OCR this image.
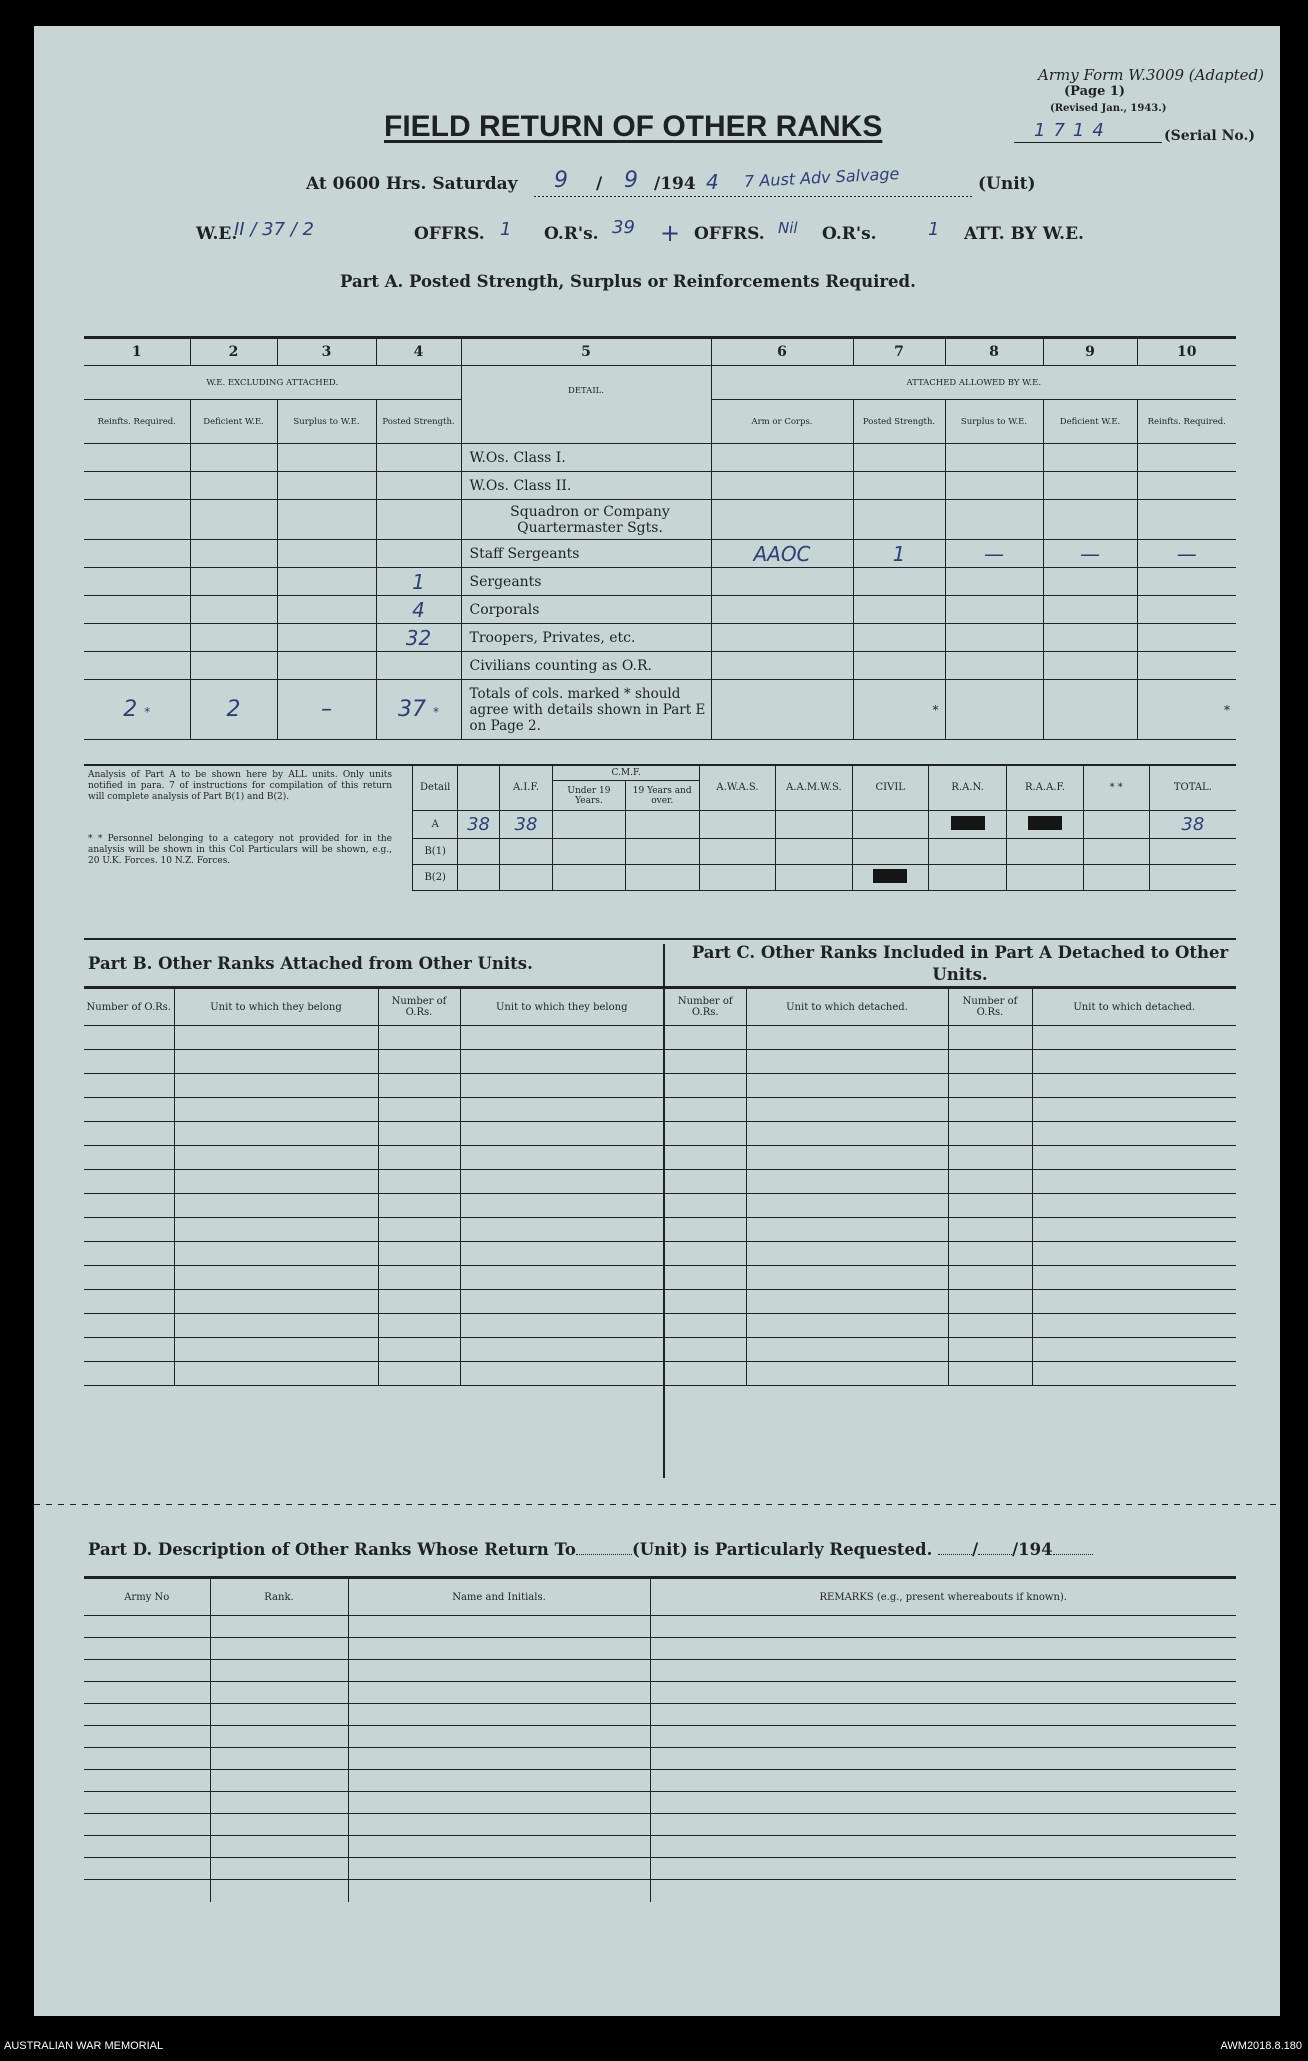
Army Form W.3009 (Adapted)
(Page 1)
(Revised Jan., 1943.)
1714	(Serial No.)
FIELD RETURN OF OTHER RANKS
At 0600 Hrs. Saturday 9 / 9 /194 4 7 Aust Adv Salvage	(Unit)
W.E.
II / 37 / 2	OFFRS. 1 O.R's. 39 + OFFRS. Nil O.R's.	1 ATT. BY W.E.
Part A. Posted Strength, Surplus or Reinforcements Required.
1	2	3	4	5	6	7	8	9	10
W.E. EXCLUDING ATTACHED.				DETAIL.	ATTACHED ALLOWED BY W.E.				
Reinfts. Required.	Deficient W.E.	Surplus to W.E.	Posted Strength.		Arm or Corps.	Posted Strength.	Surplus to W.E.	Deficient W.E.	Reinfts. Required.
				W.Os. Class I.					
				W.Os. Class II.					
				Squadron or Company Quartermaster Sgts.					
				Staff Sergeants	AAOC	1	—	—	—
			1	Sergeants					
			4	Corporals					
			32	Troopers, Privates, etc.					
				Civilians counting as O.R.					
2 *	2	–	37 *	Totals of cols. marked * should agree with details shown in Part E on Page 2.		*			*
Analysis of Part A to be shown here by ALL units. Only units notified in para. 7 of instructions for compilation of this return will complete analysis of Part B(1) and B(2).
* * Personnel belonging to a category not provided for in the analysis will be shown in this Col Particulars will be shown, e.g., 20 U.K. Forces. 10 N.Z. Forces.
Detail		A.I.F.	C.M.F.		A.W.A.S.	A.A.M.W.S.	CIVIL	R.A.N.	R.A.A.F.	* *	TOTAL.
			Under 19 Years.	19 Years and over.							
A	38	38									38
B(1)											
B(2)											
Part B. Other Ranks Attached from Other Units.
Part C. Other Ranks Included in Part A Detached to Other Units.
Number of O.Rs.	Unit to which they belong	Number of O.Rs.	Unit to which they belong	Number of O.Rs.	Unit to which detached.	Number of O.Rs.	Unit to which detached.

Part D. Description of Other Ranks Whose Return To	(Unit) is Particularly Requested. / /194
Army No	Rank.	Name and Initials.	REMARKS (e.g., present whereabouts if known).

AUSTRALIAN WAR MEMORIAL	AWM2018.8.180
